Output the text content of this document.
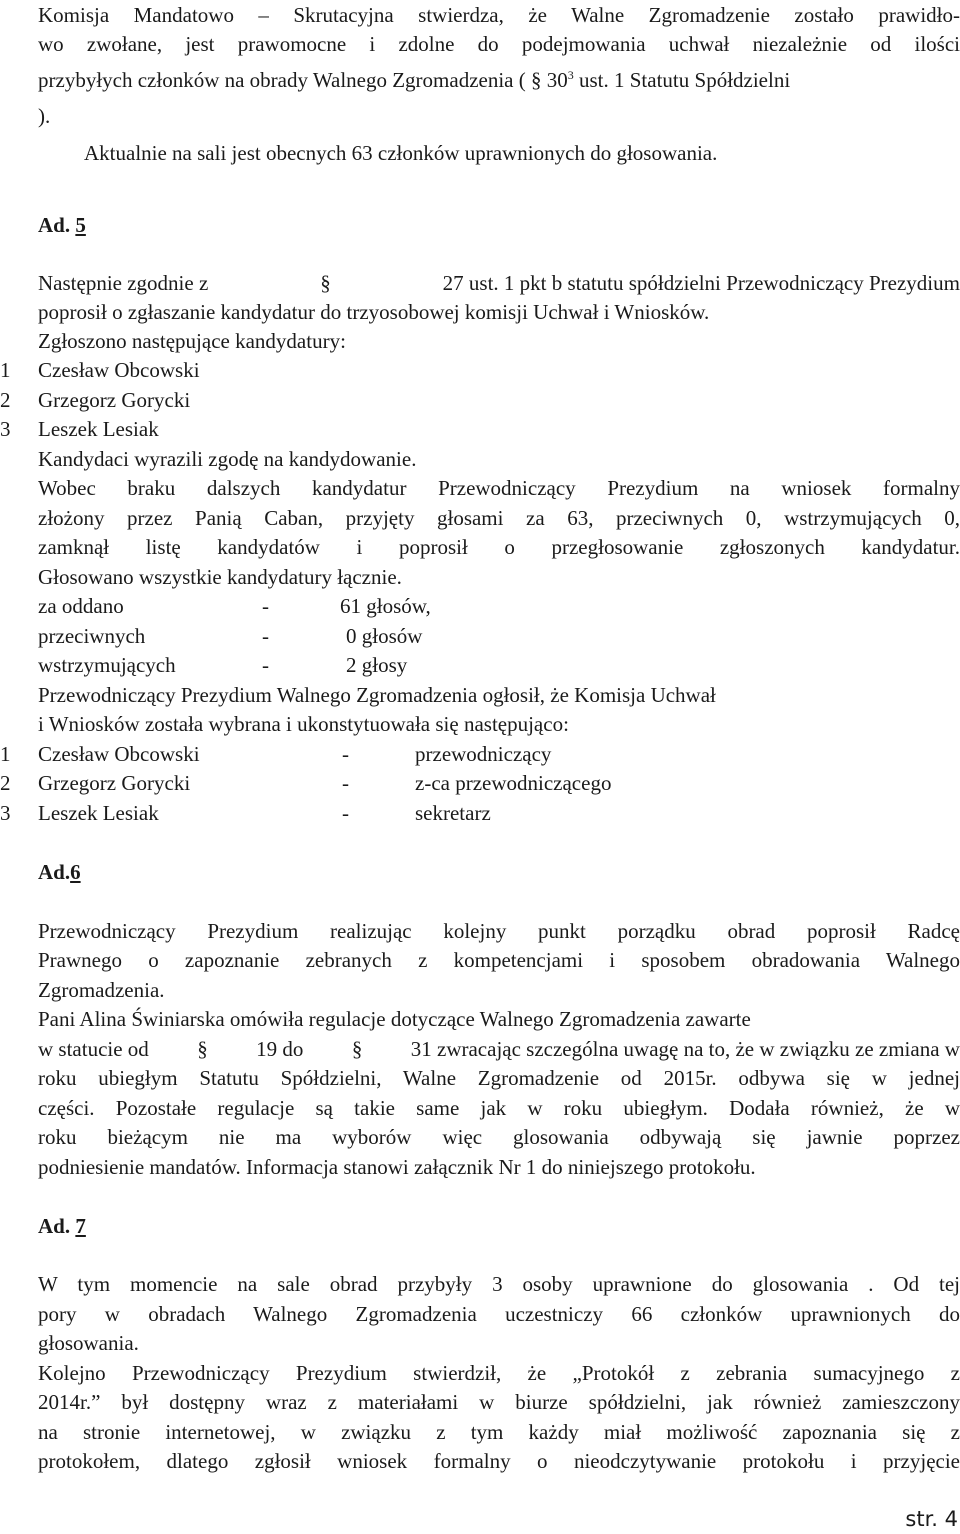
Komisja Mandatowo – Skrutacyjna stwierdza, że Walne Zgromadzenie zostało prawidło-
wo zwołane, jest prawomocne i zdolne do podejmowania uchwał niezależnie od ilości
przybyłych członków na obrady Walnego Zgromadzenia ( § $30^3$ ust. 1 Statutu Spółdzielni
).
Aktualnie na sali jest obecnych 63 członków uprawnionych do głosowania.
Ad. 5
Następnie zgodnie z	§	27 ust. 1 pkt b statutu spółdzielni Przewodniczący Prezydium
poprosił o zgłaszanie kandydatur do trzyosobowej komisji Uchwał i Wniosków.
Zgłoszono następujące kandydatury:
1 Czesław Obcowski
2 Grzegorz Gorycki
3 Leszek Lesiak
Kandydaci wyrazili zgodę na kandydowanie.
Wobec braku dalszych kandydatur Przewodniczący Prezydium na wniosek formalny
złożony przez Panią Caban, przyjęty głosami za 63, przeciwnych 0, wstrzymujących 0,
zamknął listę kandydatów i poprosił o przegłosowanie zgłoszonych kandydatur.
Głosowano wszystkie kandydatury łącznie.
za oddano	-	61 głosów,
przeciwnych	-	0 głosów
wstrzymujących	-	2 głosy
Przewodniczący Prezydium Walnego Zgromadzenia ogłosił, że Komisja Uchwał
i Wniosków została wybrana i ukonstytuowała się następująco:
1 Czesław Obcowski	-	przewodniczący
2 Grzegorz Gorycki	-	z-ca przewodniczącego
3 Leszek Lesiak	-	sekretarz
Ad.6
Przewodniczący Prezydium realizując kolejny punkt porządku obrad poprosił Radcę
Prawnego o zapoznanie zebranych z kompetencjami i sposobem obradowania Walnego
Zgromadzenia.
Pani Alina Świniarska omówiła regulacje dotyczące Walnego Zgromadzenia zawarte
w statucie od § 19 do § 31 zwracając szczególna uwagę na to, że w związku ze zmiana w
roku ubiegłym Statutu Spółdzielni, Walne Zgromadzenie od 2015r. odbywa się w jednej
części. Pozostałe regulacje są takie same jak w roku ubiegłym. Dodała również, że w
roku bieżącym nie ma wyborów więc glosowania odbywają się jawnie poprzez
podniesienie mandatów. Informacja stanowi załącznik Nr 1 do niniejszego protokołu.
Ad. 7
W tym momencie na sale obrad przybyły 3 osoby uprawnione do glosowania . Od tej
pory w obradach Walnego Zgromadzenia uczestniczy 66 członków uprawnionych do
głosowania.
Kolejno Przewodniczący Prezydium stwierdził, że „Protokół z zebrania sumacyjnego z
2014r.” był dostępny wraz z materiałami w biurze spółdzielni, jak również zamieszczony
na stronie internetowej, w związku z tym każdy miał możliwość zapoznania się z
protokołem, dlatego zgłosił wniosek formalny o nieodczytywanie protokołu i przyjęcie
str. 4
